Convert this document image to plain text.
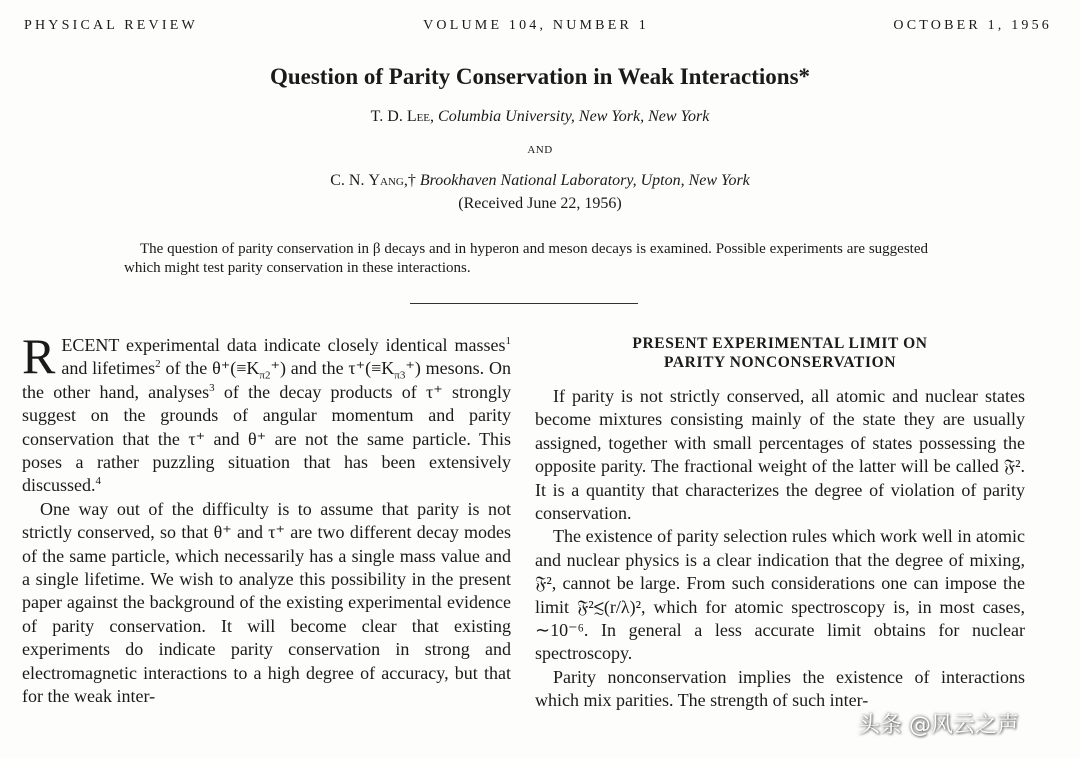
PHYSICAL REVIEW	VOLUME 104, NUMBER 1	OCTOBER 1, 1956
Question of Parity Conservation in Weak Interactions*
T. D. Lee, Columbia University, New York, New York
AND
C. N. Yang,† Brookhaven National Laboratory, Upton, New York
(Received June 22, 1956)
The question of parity conservation in β decays and in hyperon and meson decays is examined. Possible experiments are suggested which might test parity conservation in these interactions.

RECENT experimental data indicate closely identical masses$^1$ and lifetimes$^2$ of the $\theta^+(\equiv K_{\pi 2}^+)$ and the $\tau^+(\equiv K_{\pi 3}^+)$ mesons. On the other hand, analyses$^3$ of the decay products of τ⁺ strongly suggest on the grounds of angular momentum and parity conservation that the τ⁺ and θ⁺ are not the same particle. This poses a rather puzzling situation that has been extensively discussed.$^4$

One way out of the difficulty is to assume that parity is not strictly conserved, so that θ⁺ and τ⁺ are two different decay modes of the same particle, which necessarily has a single mass value and a single lifetime. We wish to analyze this possibility in the present paper against the background of the existing experimental evidence of parity conservation. It will become clear that existing experiments do indicate parity conservation in strong and electromagnetic interactions to a high degree of accuracy, but that for the weak inter-

PRESENT EXPERIMENTAL LIMIT ON
PARITY NONCONSERVATION

If parity is not strictly conserved, all atomic and nuclear states become mixtures consisting mainly of the state they are usually assigned, together with small percentages of states possessing the opposite parity. The fractional weight of the latter will be called 𝔉². It is a quantity that characterizes the degree of violation of parity conservation.

The existence of parity selection rules which work well in atomic and nuclear physics is a clear indication that the degree of mixing, 𝔉², cannot be large. From such considerations one can impose the limit 𝔉²≲(r/λ)², which for atomic spectroscopy is, in most cases, ∼10⁻⁶. In general a less accurate limit obtains for nuclear spectroscopy.

Parity nonconservation implies the existence of interactions which mix parities. The strength of such inter-

头条 @风云之声
